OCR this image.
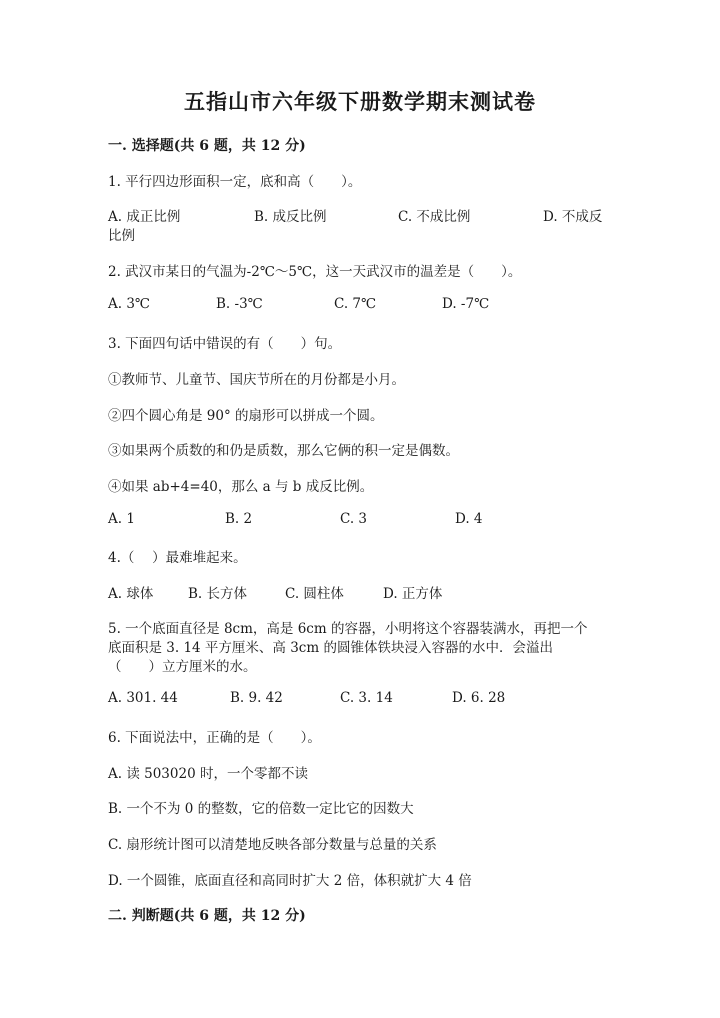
五指山市六年级下册数学期末测试卷
一. 选择题(共 6 题，共 12 分)
1. 平行四边形面积一定，底和高（　　）。
A. 成正比例	B. 成反比例	C. 不成比例	D. 不成反
比例
2. 武汉市某日的气温为-2℃～5℃，这一天武汉市的温差是（　　）。
A. 3℃	B. -3℃	C. 7℃	D. -7℃
3. 下面四句话中错误的有（　　）句。
①教师节、儿童节、国庆节所在的月份都是小月。
②四个圆心角是 90° 的扇形可以拼成一个圆。
③如果两个质数的和仍是质数，那么它俩的积一定是偶数。
④如果 ab+4=40，那么 a 与 b 成反比例。
A. 1	B. 2	C. 3	D. 4
4.（　 ）最难堆起来。
A. 球体	B. 长方体	C. 圆柱体	D. 正方体
5. 一个底面直径是 8cm，高是 6cm 的容器，小明将这个容器装满水，再把一个
底面积是 3. 14 平方厘米、高 3cm 的圆锥体铁块浸入容器的水中．会溢出
（　　）立方厘米的水。
A. 301. 44	B. 9. 42	C. 3. 14	D. 6. 28
6. 下面说法中，正确的是（　　）。
A. 读 503020 时，一个零都不读
B. 一个不为 0 的整数，它的倍数一定比它的因数大
C. 扇形统计图可以清楚地反映各部分数量与总量的关系
D. 一个圆锥，底面直径和高同时扩大 2 倍，体积就扩大 4 倍
二. 判断题(共 6 题，共 12 分)
